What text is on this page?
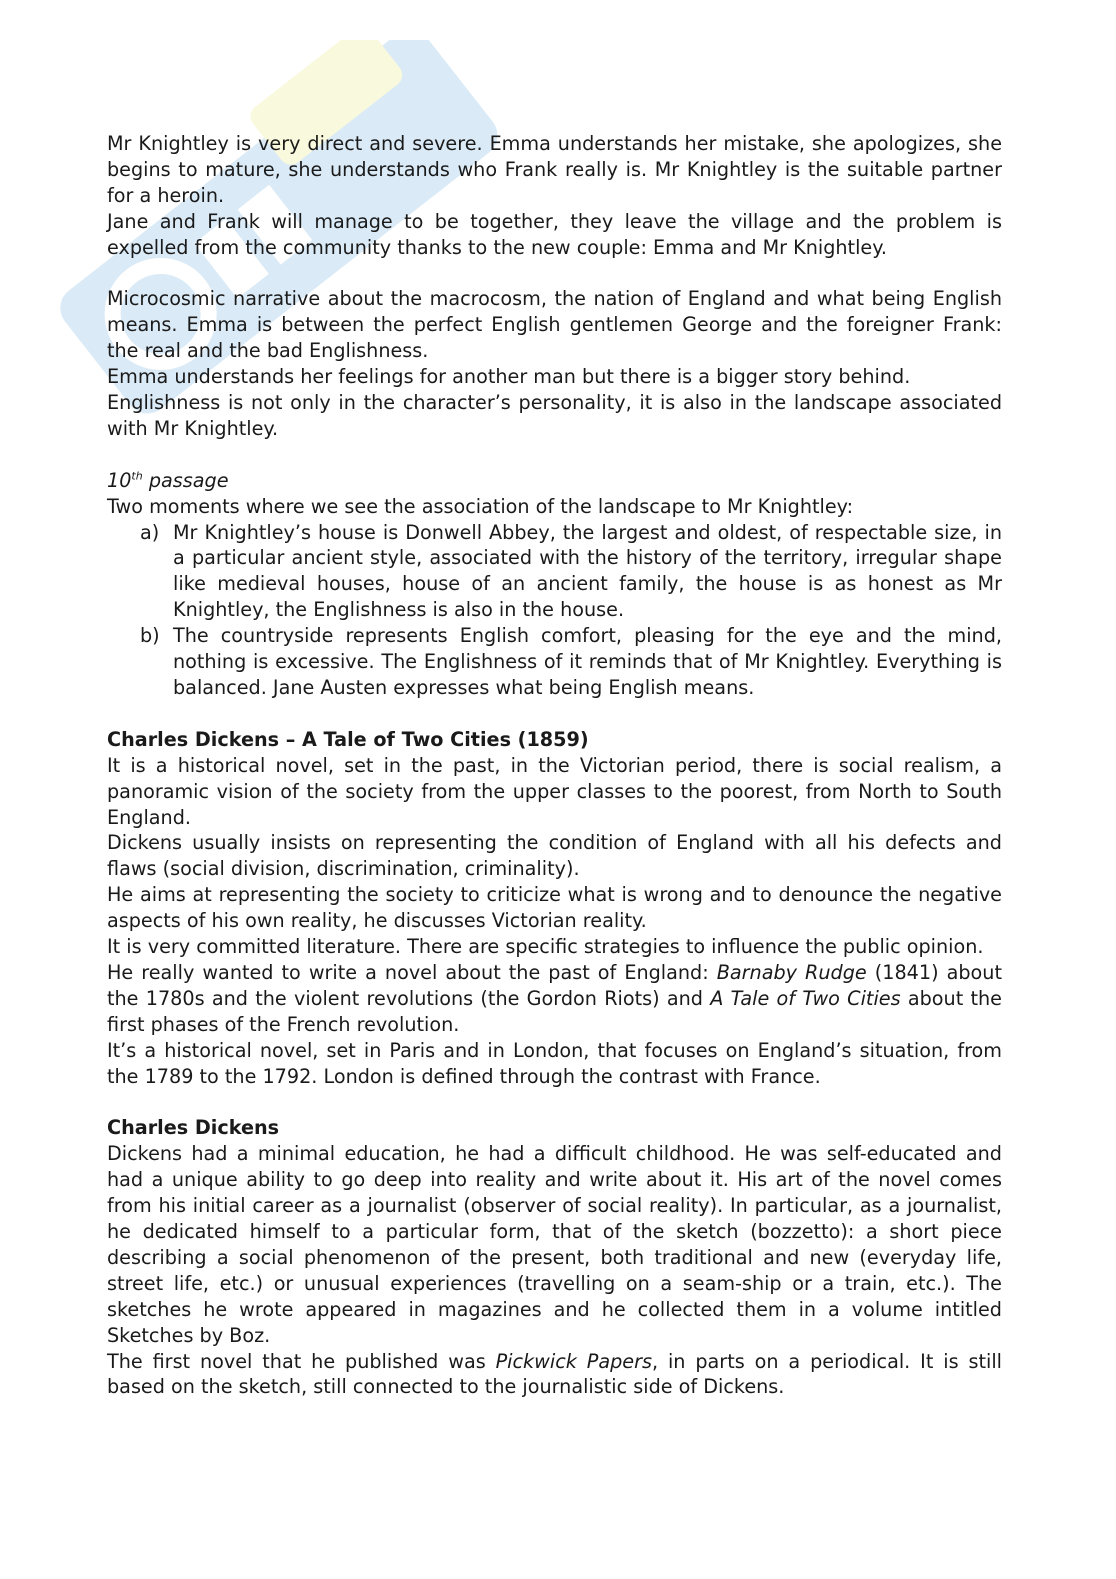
Mr Knightley is very direct and severe. Emma understands her mistake, she apologizes, she begins to mature, she understands who Frank really is. Mr Knightley is the suitable partner for a heroin.

Jane and Frank will manage to be together, they leave the village and the problem is expelled from the community thanks to the new couple: Emma and Mr Knightley.

Microcosmic narrative about the macrocosm, the nation of England and what being English means. Emma is between the perfect English gentlemen George and the foreigner Frank: the real and the bad Englishness.

Emma understands her feelings for another man but there is a bigger story behind.

Englishness is not only in the character’s personality, it is also in the landscape associated with Mr Knightley.

10th passage

Two moments where we see the association of the landscape to Mr Knightley:

a) Mr Knightley’s house is Donwell Abbey, the largest and oldest, of respectable size, in a particular ancient style, associated with the history of the territory, irregular shape like medieval houses, house of an ancient family, the house is as honest as Mr Knightley, the Englishness is also in the house.
b) The countryside represents English comfort, pleasing for the eye and the mind, nothing is excessive. The Englishness of it reminds that of Mr Knightley. Everything is balanced. Jane Austen expresses what being English means.

Charles Dickens – A Tale of Two Cities (1859)

It is a historical novel, set in the past, in the Victorian period, there is social realism, a panoramic vision of the society from the upper classes to the poorest, from North to South England.

Dickens usually insists on representing the condition of England with all his defects and flaws (social division, discrimination, criminality).

He aims at representing the society to criticize what is wrong and to denounce the negative aspects of his own reality, he discusses Victorian reality.

It is very committed literature. There are specific strategies to influence the public opinion.

He really wanted to write a novel about the past of England: Barnaby Rudge (1841) about the 1780s and the violent revolutions (the Gordon Riots) and A Tale of Two Cities about the first phases of the French revolution.

It’s a historical novel, set in Paris and in London, that focuses on England’s situation, from the 1789 to the 1792. London is defined through the contrast with France.

Charles Dickens

Dickens had a minimal education, he had a difficult childhood. He was self-educated and had a unique ability to go deep into reality and write about it. His art of the novel comes from his initial career as a journalist (observer of social reality). In particular, as a journalist, he dedicated himself to a particular form, that of the sketch (bozzetto): a short piece describing a social phenomenon of the present, both traditional and new (everyday life, street life, etc.) or unusual experiences (travelling on a seam-ship or a train, etc.). The sketches he wrote appeared in magazines and he collected them in a volume intitled Sketches by Boz.

The first novel that he published was Pickwick Papers, in parts on a periodical. It is still based on the sketch, still connected to the journalistic side of Dickens.
